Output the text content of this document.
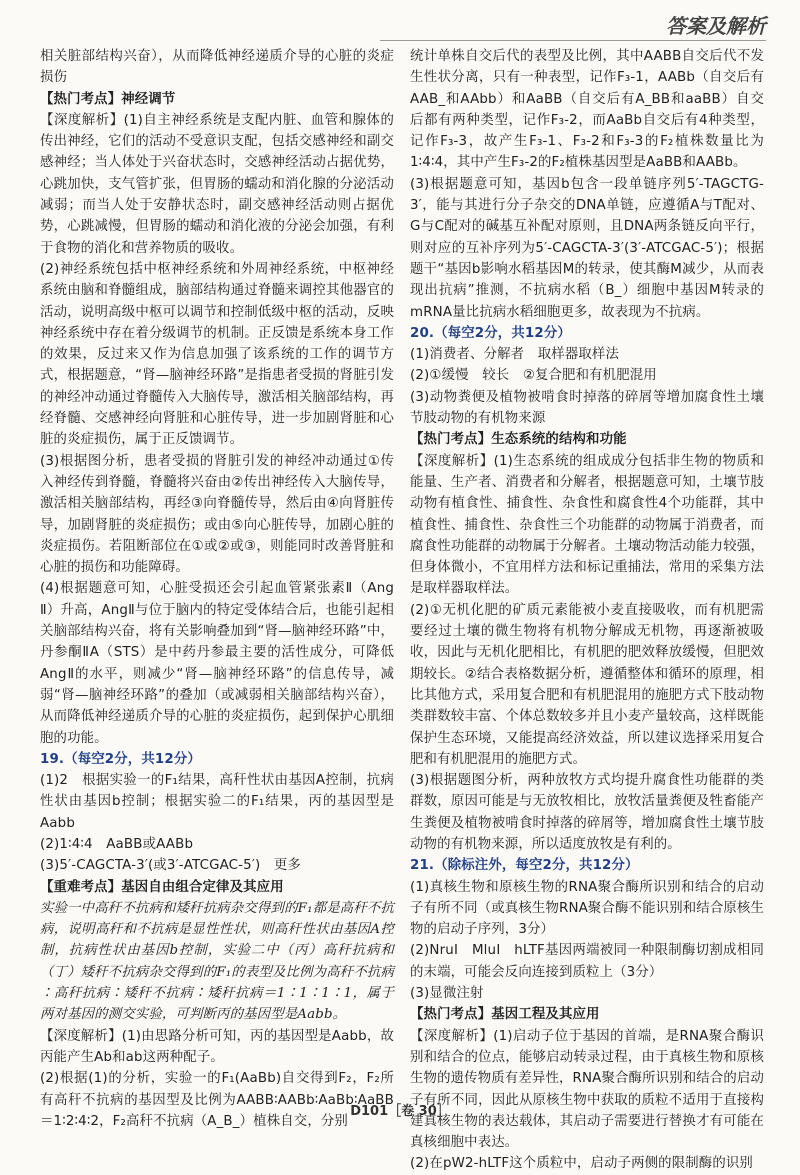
答案及解析
相关脏部结构兴奋），从而降低神经递质介导的心脏的炎症损伤
【热门考点】神经调节
【深度解析】(1)自主神经系统是支配内脏、血管和腺体的传出神经，它们的活动不受意识支配，包括交感神经和副交感神经；当人体处于兴奋状态时，交感神经活动占据优势，心跳加快，支气管扩张，但胃肠的蠕动和消化腺的分泌活动减弱；而当人处于安静状态时，副交感神经活动则占据优势，心跳减慢，但胃肠的蠕动和消化液的分泌会加强，有利于食物的消化和营养物质的吸收。
(2)神经系统包括中枢神经系统和外周神经系统，中枢神经系统由脑和脊髓组成，脑部结构通过脊髓来调控其他器官的活动，说明高级中枢可以调节和控制低级中枢的活动，反映神经系统中存在着分级调节的机制。正反馈是系统本身工作的效果，反过来又作为信息加强了该系统的工作的调节方式，根据题意，“肾—脑神经环路”是指患者受损的肾脏引发的神经冲动通过脊髓传入大脑传导，激活相关脑部结构，再经脊髓、交感神经向肾脏和心脏传导，进一步加剧肾脏和心脏的炎症损伤，属于正反馈调节。
(3)根据图分析，患者受损的肾脏引发的神经冲动通过①传入神经传到脊髓，脊髓将兴奋由②传出神经传入大脑传导，激活相关脑部结构，再经③向脊髓传导，然后由④向肾脏传导，加剧肾脏的炎症损伤；或由⑤向心脏传导，加剧心脏的炎症损伤。若阻断部位在①或②或③，则能同时改善肾脏和心脏的损伤和功能障碍。
(4)根据题意可知，心脏受损还会引起血管紧张素Ⅱ（Ang Ⅱ）升高，AngⅡ与位于脑内的特定受体结合后，也能引起相关脑部结构兴奋，将有关影响叠加到“肾—脑神经环路”中，丹参酮ⅡA（STS）是中药丹参最主要的活性成分，可降低AngⅡ的水平，则减少“肾—脑神经环路”的信息传导，减弱“肾—脑神经环路”的叠加（或减弱相关脑部结构兴奋），从而降低神经递质介导的心脏的炎症损伤，起到保护心肌细胞的功能。
19.（每空2分，共12分）
(1)2　根据实验一的F₁结果，高秆性状由基因A控制，抗病性状由基因b控制；根据实验二的F₁结果，丙的基因型是Aabb
(2)1∶4∶4　AaBB或AABb
(3)5′-CAGCTA-3′(或3′-ATCGAC-5′)　更多
【重难考点】基因自由组合定律及其应用
实验一中高秆不抗病和矮秆抗病杂交得到的F₁都是高秆不抗病，说明高秆和不抗病是显性性状，则高秆性状由基因A控制，抗病性状由基因b控制，实验二中（丙）高秆抗病和（丁）矮秆不抗病杂交得到的F₁的表型及比例为高秆不抗病∶高秆抗病∶矮秆不抗病∶矮秆抗病＝1∶1∶1∶1，属于两对基因的测交实验，可判断丙的基因型是Aabb。
【深度解析】(1)由思路分析可知，丙的基因型是Aabb，故丙能产生Ab和ab这两种配子。
(2)根据(1)的分析，实验一的F₁(AaBb)自交得到F₂，F₂所有高秆不抗病的基因型及比例为AABB∶AABb∶AaBb∶AaBB＝1∶2∶4∶2，F₂高秆不抗病（A_B_）植株自交，分别
统计单株自交后代的表型及比例，其中AABB自交后代不发生性状分离，只有一种表型，记作F₃-1，AABb（自交后有AAB_和AAbb）和AaBB（自交后有A_BB和aaBB）自交后都有两种类型，记作F₃-2，而AaBb自交后有4种类型，记作F₃-3，故产生F₃-1、F₃-2和F₃-3的F₂植株数量比为1∶4∶4，其中产生F₃-2的F₂植株基因型是AaBB和AABb。
(3)根据题意可知，基因b包含一段单链序列5′-TAGCTG-3′，能与其进行分子杂交的DNA单链，应遵循A与T配对、G与C配对的碱基互补配对原则，且DNA两条链反向平行，则对应的互补序列为5′-CAGCTA-3′(3′-ATCGAC-5′)；根据题干“基因b影响水稻基因M的转录，使其酶M减少，从而表现出抗病”推测，不抗病水稻（B_）细胞中基因M转录的mRNA量比抗病水稻细胞更多，故表现为不抗病。
20.（每空2分，共12分）
(1)消费者、分解者　取样器取样法
(2)①缓慢　较长　②复合肥和有机肥混用
(3)动物粪便及植物被啃食时掉落的碎屑等增加腐食性土壤节肢动物的有机物来源
【热门考点】生态系统的结构和功能
【深度解析】(1)生态系统的组成成分包括非生物的物质和能量、生产者、消费者和分解者，根据题意可知，土壤节肢动物有植食性、捕食性、杂食性和腐食性4个功能群，其中植食性、捕食性、杂食性三个功能群的动物属于消费者，而腐食性功能群的动物属于分解者。土壤动物活动能力较强，但身体微小，不宜用样方法和标记重捕法，常用的采集方法是取样器取样法。
(2)①无机化肥的矿质元素能被小麦直接吸收，而有机肥需要经过土壤的微生物将有机物分解成无机物，再逐渐被吸收，因此与无机化肥相比，有机肥的肥效释放缓慢，但肥效期较长。②结合表格数据分析，遵循整体和循环的原理，相比其他方式，采用复合肥和有机肥混用的施肥方式下肢动物类群数较丰富、个体总数较多并且小麦产量较高，这样既能保护生态环境，又能提高经济效益，所以建议选择采用复合肥和有机肥混用的施肥方式。
(3)根据题图分析，两种放牧方式均提升腐食性功能群的类群数，原因可能是与无放牧相比，放牧活量粪便及牲畜能产生粪便及植物被啃食时掉落的碎屑等，增加腐食性土壤节肢动物的有机物来源，所以适度放牧是有利的。
21.（除标注外，每空2分，共12分）
(1)真核生物和原核生物的RNA聚合酶所识别和结合的启动子有所不同（或真核生物RNA聚合酶不能识别和结合原核生物的启动子序列，3分）
(2)NruⅠ　MluⅠ　hLTF基因两端被同一种限制酶切割成相同的末端，可能会反向连接到质粒上（3分）
(3)显微注射
【热门考点】基因工程及其应用
【深度解析】(1)启动子位于基因的首端，是RNA聚合酶识别和结合的位点，能够启动转录过程，由于真核生物和原核生物的遗传物质有差异性，RNA聚合酶所识别和结合的启动子有所不同，因此从原核生物中获取的质粒不适用于直接构建真核生物的表达载体，其启动子需要进行替换才有可能在真核细胞中表达。
(2)在pW2-hLTF这个质粒中，启动子两侧的限制酶的识别
D101［卷 30］
